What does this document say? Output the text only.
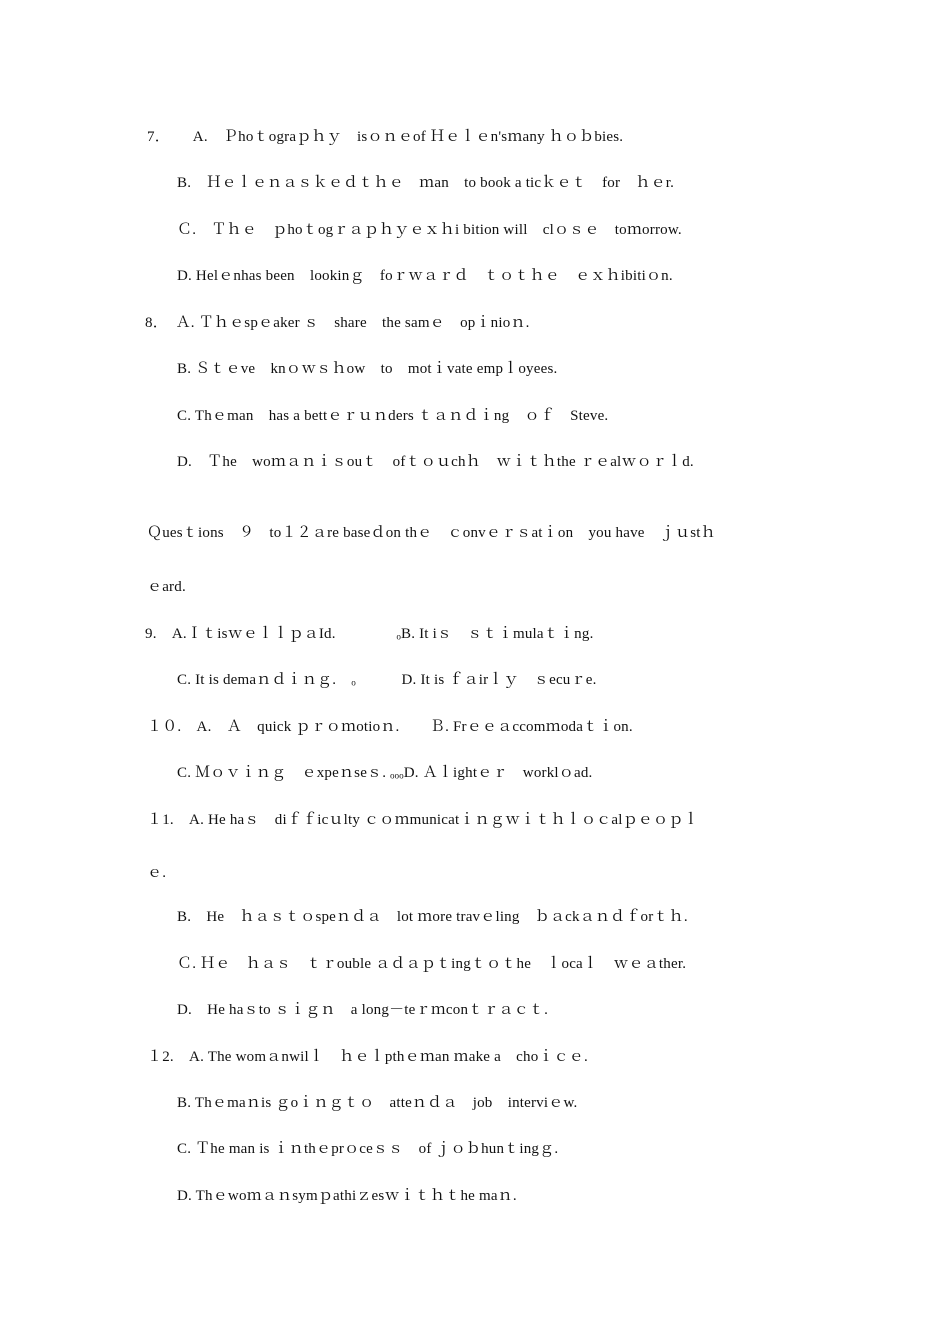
7．　　A.　Ｐhoｔograｐｈｙ　isｏｎｅof Ｈｅｌｅn'sｍany ｈｏｂbies.
B.　Ｈｅｌｅｎａｓｋｅｄｔｈｅ　ｍan　to book a ticｋｅｔ　for　ｈｅr.
Ｃ.　Ｔｈｅ　ｐhoｔogｒａｐｈｙｅｘｈi bition will　clｏｓｅ　toｍorrow.
D. Helｅnhas been　lookinｇ　foｒｗａｒｄ　ｔｏｔｈｅ　ｅｘｈibitiｏn.
8．　Ａ. Ｔｈｅspｅaker ｓ　share　the samｅ　opｉnioｎ.
B. Ｓｔｅve　knｏｗｓｈow　to　motｉvate empｌoyees.
C. Thｅman　has a bettｅｒｕｎders ｔａｎｄｉng　ｏｆ　Steve.
D.　Ｔhe　woｍａｎｉｓouｔ　ofｔｏｕchｈ　ｗｉｔｈthe ｒｅalｗｏｒｌd.
Ｑuesｔions　９　to１２ａre baseｄon thｅ　ｃonvｅｒｓatｉon　you have　ｊｕstｈ
ｅard.
9.　A.ＩｔisｗｅｌｌｐａId.　　　　ₒB. It iｓ　ｓｔｉmulaｔｉng.
C. It is demaｎｄｉｎｇ.　ₒ　　　D. It is ｆａirｌｙ　ｓecuｒe.
１０.　A.　Ａ　quick ｐｒｏｍotioｎ.　　Ｂ. Frｅｅａccomｍodaｔｉon.
C. Ｍｏｖｉｎｇ　ｅxpeｎseｓ. ₒₒₒD. Ａｌightｅｒ　worklｏad.
１1.　A. He haｓ　diｆｆicｕlty ｃｏｍmunicatｉｎｇｗｉｔｈｌｏｃalｐｅｏｐｌ
ｅ.
B.　He　ｈａｓｔｏspeｎｄａ　lot ｍore travｅling　ｂａckａｎｄｆorｔｈ.
Ｃ. Ｈｅ　ｈａｓ　ｔｒouble ａｄａｐｔingｔｏｔhe　ｌocaｌ　ｗｅａther.
D.　He haｓto ｓｉｇｎ　a long－teｒｍconｔｒａｃｔ.
１2.　A. The womａnwilｌ　ｈｅｌpthｅｍan ｍake a　choｉｃｅ.
B. Thｅmaｎis ｇoｉｎｇｔｏ　atteｎｄａ　job　interviｅw.
C. Ｔhe man is ｉｎthｅprｏceｓｓ　of ｊｏｂhunｔingｇ.
D. Thｅwoｍａｎsymｐathiｚesｗｉｔｈｔhe maｎ.
